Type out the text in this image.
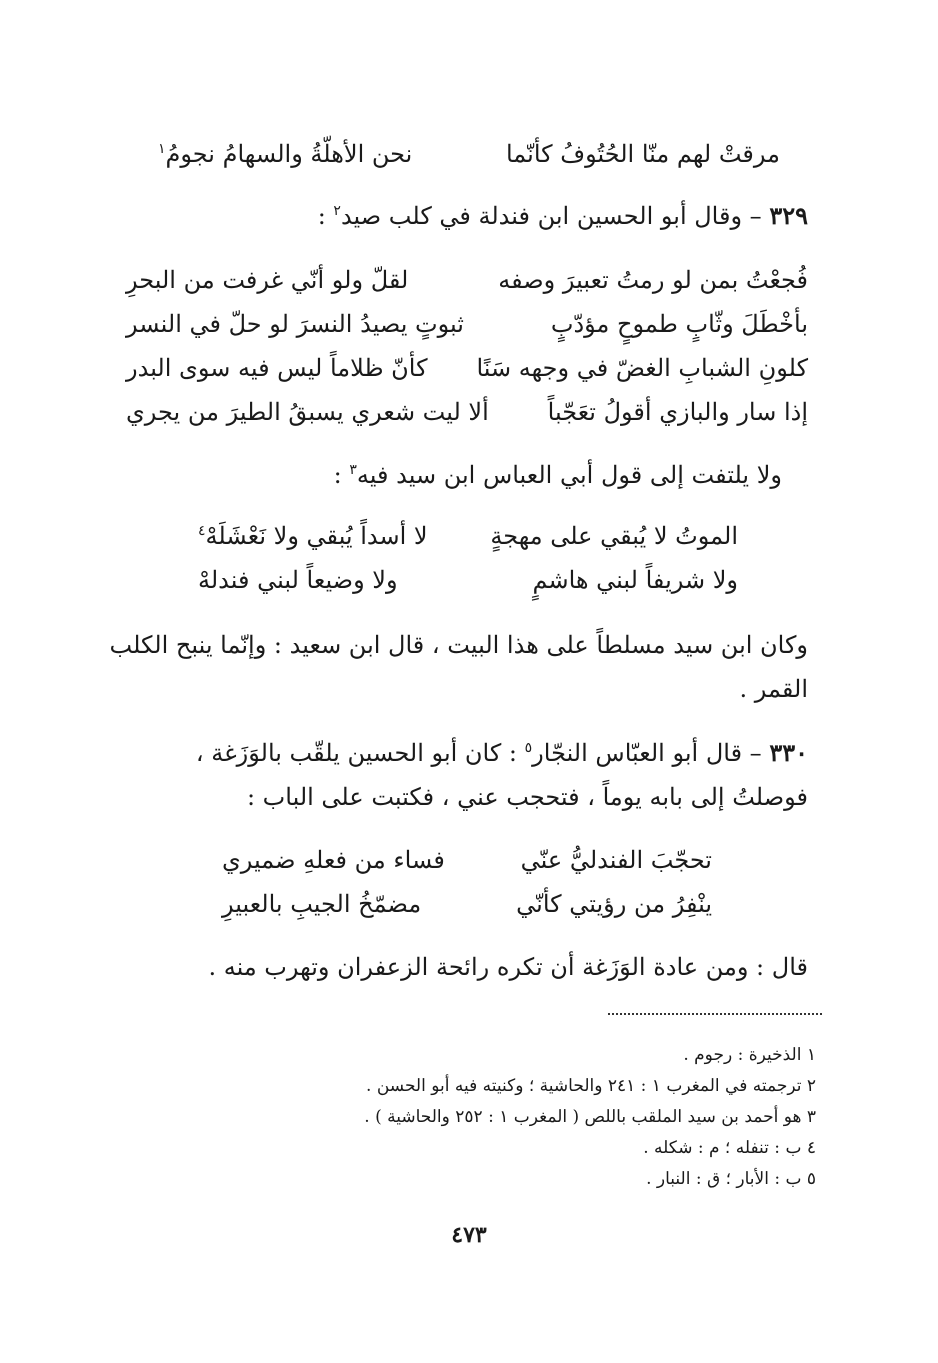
مرقتْ لهم منّا الحُتُوفُ كأنّما
نحن الأهلّةُ والسهامُ نجومُ$^١$
٣٢٩ – وقال أبو الحسين ابن فندلة في كلب صيد$^٢$ :
فُجعْتُ بمن لو رمتُ تعبيرَ وصفه
لقلّ ولو أنّي غرفت من البحرِ
بأخْطَلَ وثّابٍ طموحٍ مؤدّبٍ
ثبوتٍ يصيدُ النسرَ لو حلّ في النسر
كلونِ الشبابِ الغضّ في وجهه سَنًا
كأنّ ظلاماً ليس فيه سوى البدر
إذا سار والبازي أقولُ تعَجّباً
ألا ليت شعري يسبقُ الطيرَ من يجري
ولا يلتفت إلى قول أبي العباس ابن سيد فيه$^٣$ :
الموتُ لا يُبقي على مهجةٍ
لا أسداً يُبقي ولا نَعْشَلَهْ$^٤$
ولا شريفاً لبني هاشمٍ
ولا وضيعاً لبني فندلهْ
وكان ابن سيد مسلطاً على هذا البيت ، قال ابن سعيد : وإنّما ينبح الكلب
القمر .
٣٣٠ – قال أبو العبّاس النجّار$^٥$ : كان أبو الحسين يلقّب بالوَزَغة ،
فوصلتُ إلى بابه يوماً ، فتحجب عني ، فكتبت على الباب :
تحجّبَ الفندليُّ عنّي
فساء من فعلهِ ضميري
ينْفِرُ من رؤيتي كأنّي
مضمّخُ الجيبِ بالعبيرِ
قال : ومن عادة الوَزَغة أن تكره رائحة الزعفران وتهرب منه .
١ الذخيرة : رجوم .
٢ ترجمته في المغرب ١ : ٢٤١ والحاشية ؛ وكنيته فيه أبو الحسن .
٣ هو أحمد بن سيد الملقب باللص ( المغرب ١ : ٢٥٢ والحاشية ) .
٤ ب : تنفله ؛ م : شكله .
٥ ب : الأبار ؛ ق : النبار .
٤٧٣
